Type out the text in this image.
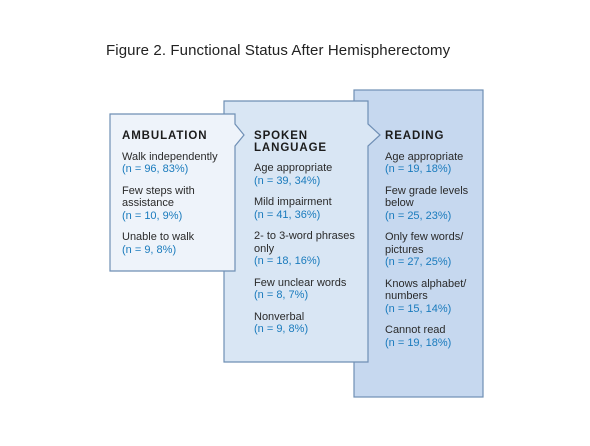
Figure 2. Functional Status After Hemispherectomy
AMBULATION
Walk independently
(n = 96, 83%)
Few steps with assistance
(n = 10, 9%)
Unable to walk
(n = 9, 8%)
SPOKEN LANGUAGE
Age appropriate
(n = 39, 34%)
Mild impairment
(n = 41, 36%)
2- to 3-word phrases only
(n = 18, 16%)
Few unclear words
(n = 8, 7%)
Nonverbal
(n = 9, 8%)
READING
Age appropriate
(n = 19, 18%)
Few grade levels below
(n = 25, 23%)
Only few words/ pictures
(n = 27, 25%)
Knows alphabet/ numbers
(n = 15, 14%)
Cannot read
(n = 19, 18%)
